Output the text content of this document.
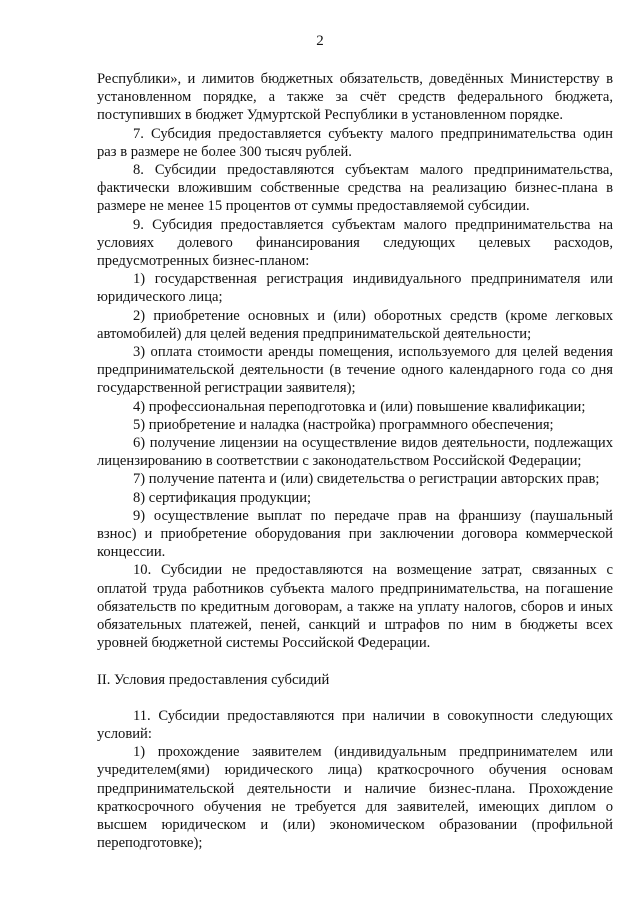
2

Республики», и лимитов бюджетных обязательств, доведённых Министерству в установленном порядке, а также за счёт средств федерального бюджета, поступивших в бюджет Удмуртской Республики в установленном порядке.

7. Субсидия предоставляется субъекту малого предпринимательства один раз в размере не более 300 тысяч рублей.

8. Субсидии предоставляются субъектам малого предпринимательства, фактически вложившим собственные средства на реализацию бизнес-плана в размере не менее 15 процентов от суммы предоставляемой субсидии.

9. Субсидия предоставляется субъектам малого предпринимательства на условиях долевого финансирования следующих целевых расходов, предусмотренных бизнес-планом:

1) государственная регистрация индивидуального предпринимателя или юридического лица;

2) приобретение основных и (или) оборотных средств (кроме легковых автомобилей) для целей ведения предпринимательской деятельности;

3) оплата стоимости аренды помещения, используемого для целей ведения предпринимательской деятельности (в течение одного календарного года со дня государственной регистрации заявителя);

4) профессиональная переподготовка и (или) повышение квалификации;

5) приобретение и наладка (настройка) программного обеспечения;

6) получение лицензии на осуществление видов деятельности, подлежащих лицензированию в соответствии с законодательством Российской Федерации;

7) получение патента и (или) свидетельства о регистрации авторских прав;

8) сертификация продукции;

9) осуществление выплат по передаче прав на франшизу (паушальный взнос) и приобретение оборудования при заключении договора коммерческой концессии.

10. Субсидии не предоставляются на возмещение затрат, связанных с оплатой труда работников субъекта малого предпринимательства, на погашение обязательств по кредитным договорам, а также на уплату налогов, сборов и иных обязательных платежей, пеней, санкций и штрафов по ним в бюджеты всех уровней бюджетной системы Российской Федерации.

II. Условия предоставления субсидий

11. Субсидии предоставляются при наличии в совокупности следующих условий:

1) прохождение заявителем (индивидуальным предпринимателем или учредителем(ями) юридического лица) краткосрочного обучения основам предпринимательской деятельности и наличие бизнес-плана. Прохождение краткосрочного обучения не требуется для заявителей, имеющих диплом о высшем юридическом и (или) экономическом образовании (профильной переподготовке);
